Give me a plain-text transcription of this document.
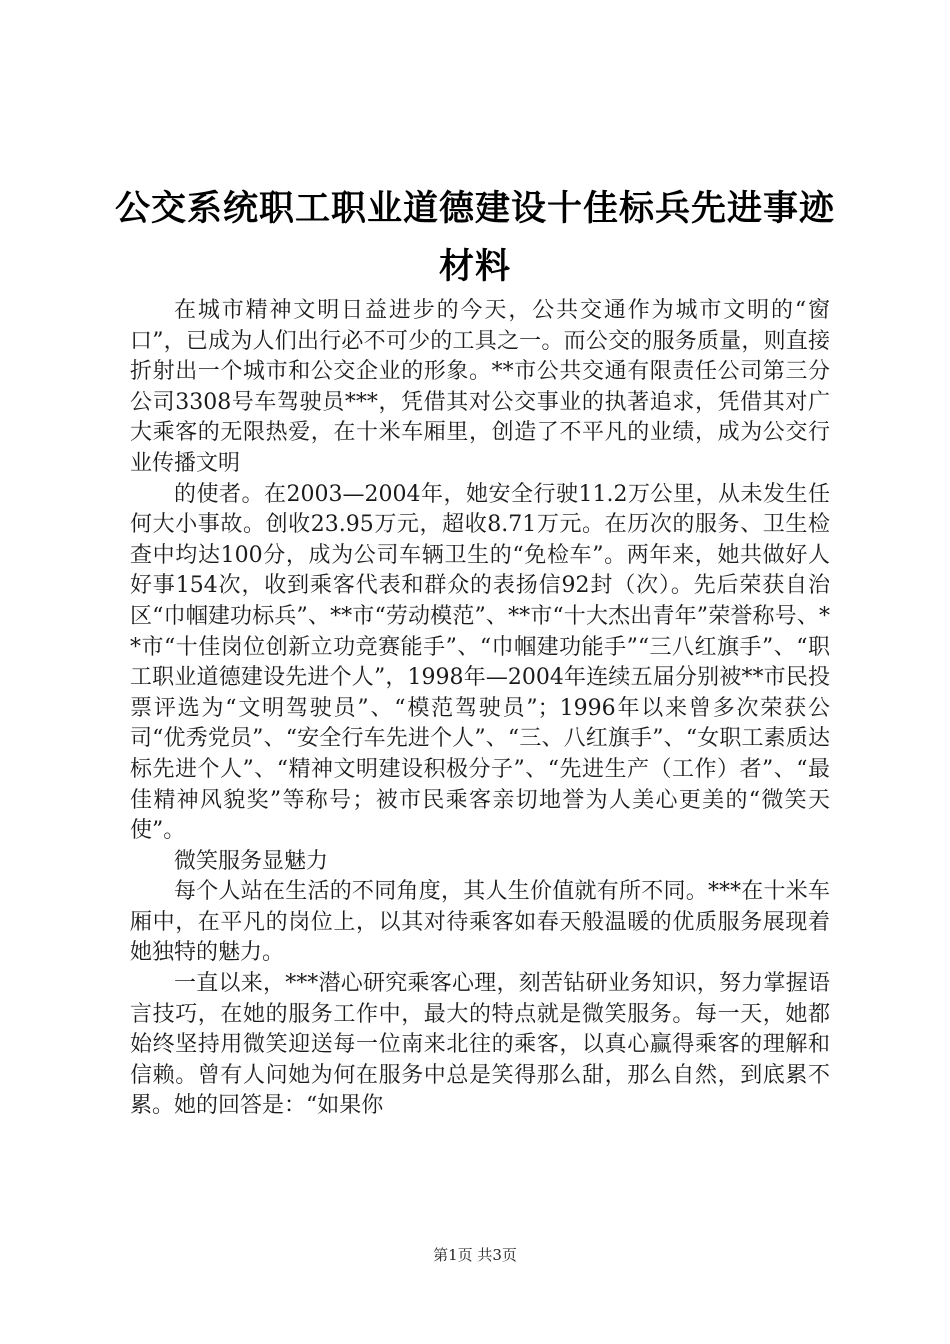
公交系统职工职业道德建设十佳标兵先进事迹
材料

在城市精神文明日益进步的今天，公共交通作为城市文明的“窗口”，已成为人们出行必不可少的工具之一。而公交的服务质量，则直接折射出一个城市和公交企业的形象。**市公共交通有限责任公司第三分公司3308号车驾驶员***，凭借其对公交事业的执著追求，凭借其对广大乘客的无限热爱，在十米车厢里，创造了不平凡的业绩，成为公交行业传播文明

的使者。在2003—2004年，她安全行驶11.2万公里，从未发生任何大小事故。创收23.95万元，超收8.71万元。在历次的服务、卫生检查中均达100分，成为公司车辆卫生的“免检车”。两年来，她共做好人好事154次，收到乘客代表和群众的表扬信92封（次）。先后荣获自治区“巾帼建功标兵”、**市“劳动模范”、**市“十大杰出青年”荣誉称号、**市“十佳岗位创新立功竞赛能手”、“巾帼建功能手”“三八红旗手”、“职工职业道德建设先进个人”，1998年—2004年连续五届分别被**市民投票评选为“文明驾驶员”、“模范驾驶员”；1996年以来曾多次荣获公司“优秀党员”、“安全行车先进个人”、“三、八红旗手”、“女职工素质达标先进个人”、“精神文明建设积极分子”、“先进生产（工作）者”、“最佳精神风貌奖”等称号；被市民乘客亲切地誉为人美心更美的“微笑天使”。

微笑服务显魅力

每个人站在生活的不同角度，其人生价值就有所不同。***在十米车厢中，在平凡的岗位上，以其对待乘客如春天般温暖的优质服务展现着她独特的魅力。

一直以来，***潜心研究乘客心理，刻苦钻研业务知识，努力掌握语言技巧，在她的服务工作中，最大的特点就是微笑服务。每一天，她都始终坚持用微笑迎送每一位南来北往的乘客，以真心赢得乘客的理解和信赖。曾有人问她为何在服务中总是笑得那么甜，那么自然，到底累不累。她的回答是：“如果你

第1页 共3页
